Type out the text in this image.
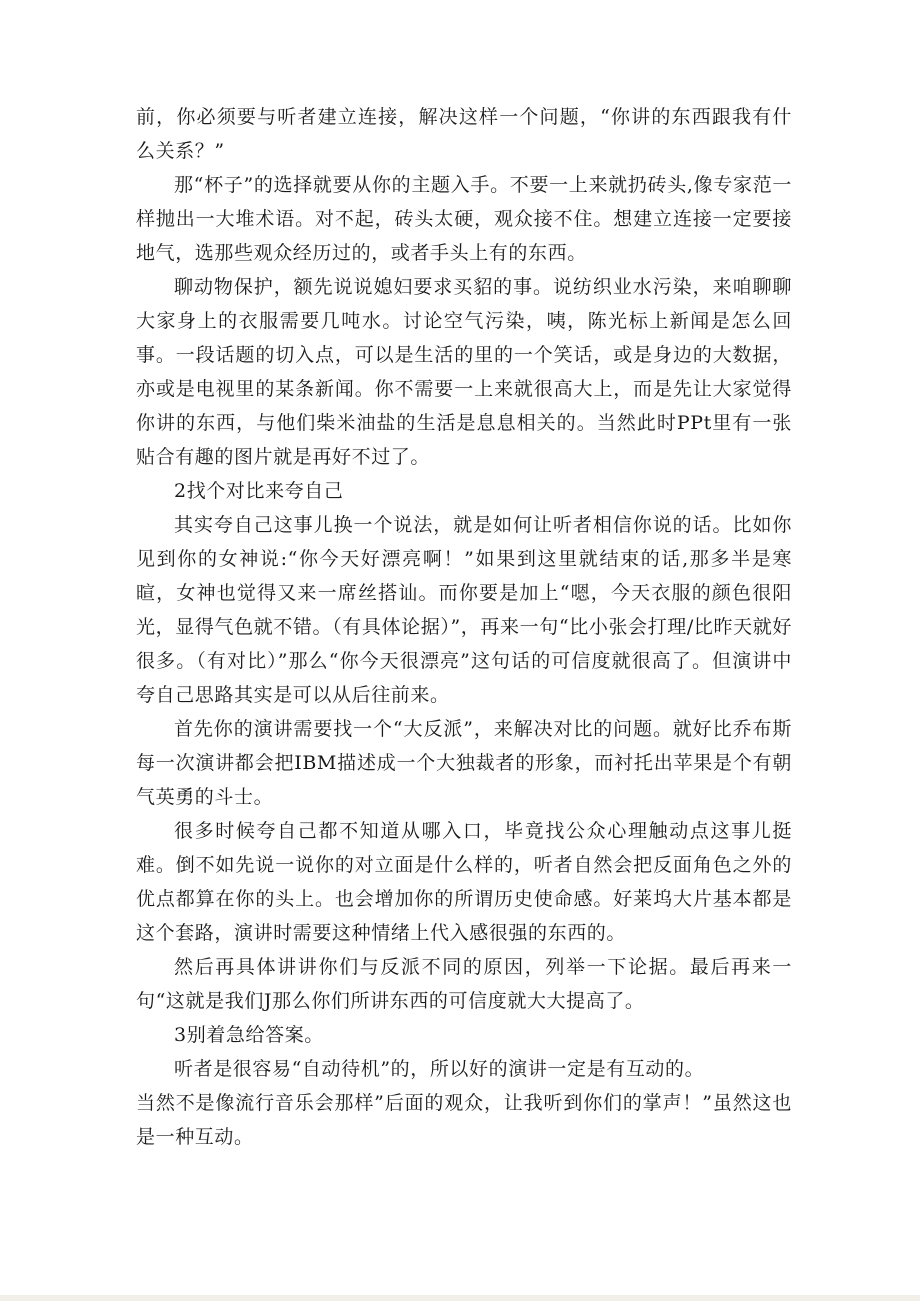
前，你必须要与听者建立连接，解决这样一个问题，“你讲的东西跟我有什么关系？”

那“杯子”的选择就要从你的主题入手。不要一上来就扔砖头,像专家范一样抛出一大堆术语。对不起，砖头太硬，观众接不住。想建立连接一定要接地气，选那些观众经历过的，或者手头上有的东西。

聊动物保护，额先说说媳妇要求买貂的事。说纺织业水污染，来咱聊聊大家身上的衣服需要几吨水。讨论空气污染，咦，陈光标上新闻是怎么回事。一段话题的切入点，可以是生活的里的一个笑话，或是身边的大数据，亦或是电视里的某条新闻。你不需要一上来就很高大上，而是先让大家觉得你讲的东西，与他们柴米油盐的生活是息息相关的。当然此时PPt里有一张贴合有趣的图片就是再好不过了。

2找个对比来夸自己

其实夸自己这事儿换一个说法，就是如何让听者相信你说的话。比如你见到你的女神说:“你今天好漂亮啊！”如果到这里就结束的话,那多半是寒暄，女神也觉得又来一席丝搭讪。而你要是加上“嗯，今天衣服的颜色很阳光，显得气色就不错。（有具体论据）”，再来一句“比小张会打理/比昨天就好很多。（有对比）”那么“你今天很漂亮”这句话的可信度就很高了。但演讲中夸自己思路其实是可以从后往前来。

首先你的演讲需要找一个“大反派”，来解决对比的问题。就好比乔布斯每一次演讲都会把IBM描述成一个大独裁者的形象，而衬托出苹果是个有朝气英勇的斗士。

很多时候夸自己都不知道从哪入口，毕竟找公众心理触动点这事儿挺难。倒不如先说一说你的对立面是什么样的，听者自然会把反面角色之外的优点都算在你的头上。也会增加你的所谓历史使命感。好莱坞大片基本都是这个套路，演讲时需要这种情绪上代入感很强的东西的。

然后再具体讲讲你们与反派不同的原因，列举一下论据。最后再来一句“这就是我们J那么你们所讲东西的可信度就大大提高了。

3别着急给答案。

听者是很容易“自动待机”的，所以好的演讲一定是有互动的。

当然不是像流行音乐会那样”后面的观众，让我听到你们的掌声！”虽然这也是一种互动。
